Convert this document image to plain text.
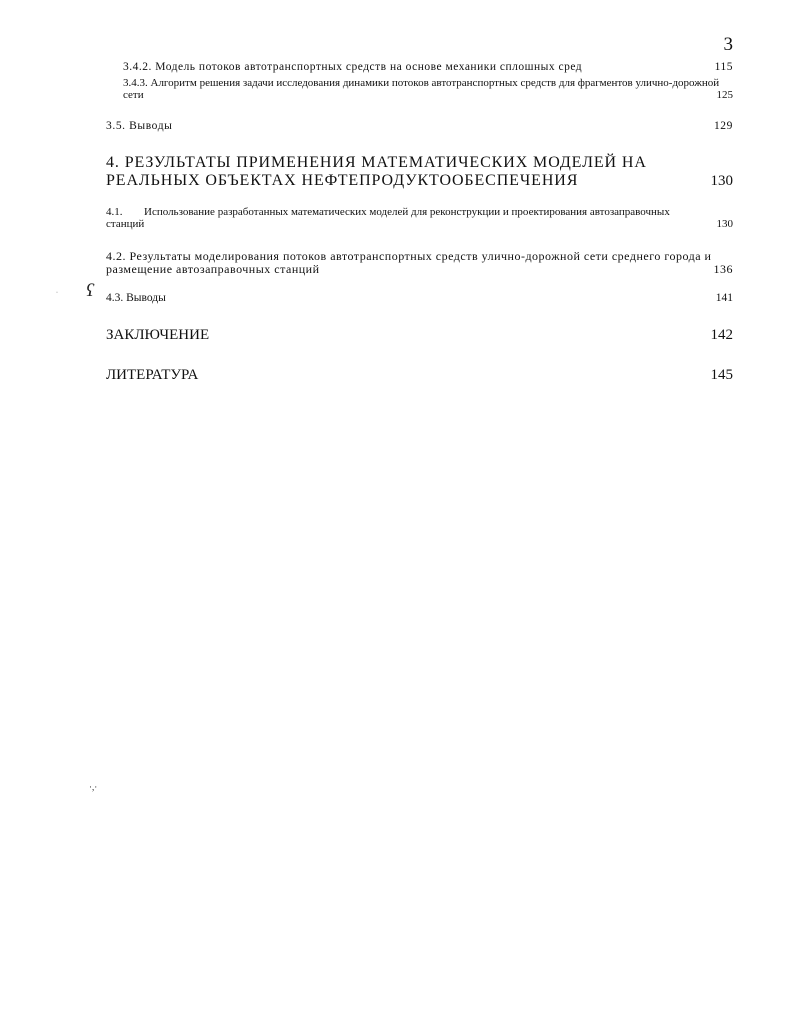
3
3.4.2. Модель потоков автотранспортных средств на основе механики сплошных сред	115
3.4.3. Алгоритм решения задачи исследования динамики потоков автотранспортных средств для фрагментов улично-дорожной сети	125
3.5. Выводы	129
4. РЕЗУЛЬТАТЫ ПРИМЕНЕНИЯ МАТЕМАТИЧЕСКИХ МОДЕЛЕЙ НА РЕАЛЬНЫХ ОБЪЕКТАХ НЕФТЕПРОДУКТООБЕСПЕЧЕНИЯ	130
4.1. Использование разработанных математических моделей для реконструкции и проектирования автозаправочных станций	130
4.2. Результаты моделирования потоков автотранспортных средств улично-дорожной сети среднего города и размещение автозаправочных станций	136
4.3. Выводы	141
ЗАКЛЮЧЕНИЕ	142
ЛИТЕРАТУРА	145
ʕ
·
·,·
